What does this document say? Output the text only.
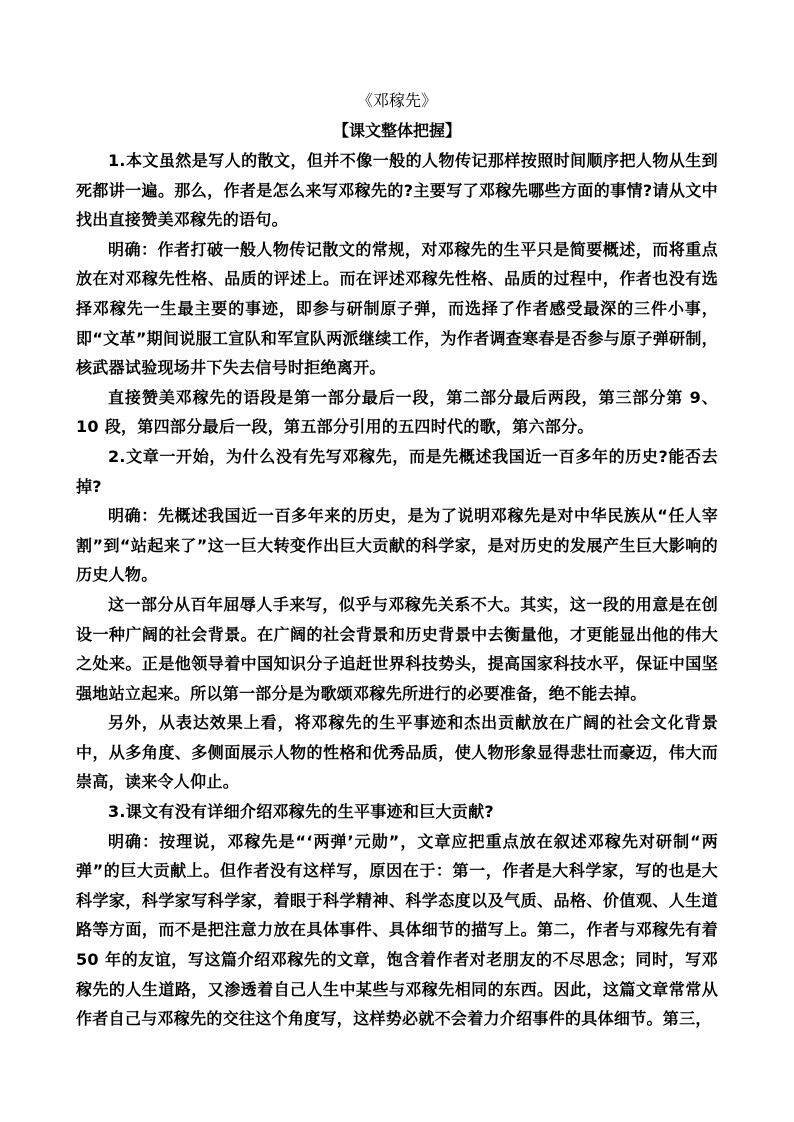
《邓稼先》
【课文整体把握】

1.本文虽然是写人的散文，但并不像一般的人物传记那样按照时间顺序把人物从生到死都讲一遍。那么，作者是怎么来写邓稼先的?主要写了邓稼先哪些方面的事情?请从文中找出直接赞美邓稼先的语句。

明确：作者打破一般人物传记散文的常规，对邓稼先的生平只是简要概述，而将重点放在对邓稼先性格、品质的评述上。而在评述邓稼先性格、品质的过程中，作者也没有选择邓稼先一生最主要的事迹，即参与研制原子弹，而选择了作者感受最深的三件小事，即“文革”期间说服工宣队和军宣队两派继续工作，为作者调查寒春是否参与原子弹研制，核武器试验现场井下失去信号时拒绝离开。

直接赞美邓稼先的语段是第一部分最后一段，第二部分最后两段，第三部分第 9、10 段，第四部分最后一段，第五部分引用的五四时代的歌，第六部分。

2.文章一开始，为什么没有先写邓稼先，而是先概述我国近一百多年的历史?能否去掉?

明确：先概述我国近一百多年来的历史，是为了说明邓稼先是对中华民族从“任人宰割”到“站起来了”这一巨大转变作出巨大贡献的科学家，是对历史的发展产生巨大影响的历史人物。

这一部分从百年屈辱人手来写，似乎与邓稼先关系不大。其实，这一段的用意是在创设一种广阔的社会背景。在广阔的社会背景和历史背景中去衡量他，才更能显出他的伟大之处来。正是他领导着中国知识分子追赶世界科技势头，提高国家科技水平，保证中国坚强地站立起来。所以第一部分是为歌颂邓稼先所进行的必要准备，绝不能去掉。

另外，从表达效果上看，将邓稼先的生平事迹和杰出贡献放在广阔的社会文化背景中，从多角度、多侧面展示人物的性格和优秀品质，使人物形象显得悲壮而豪迈，伟大而崇高，读来令人仰止。

3.课文有没有详细介绍邓稼先的生平事迹和巨大贡献?

明确：按理说，邓稼先是“‘两弹’元勋”，文章应把重点放在叙述邓稼先对研制“两弹”的巨大贡献上。但作者没有这样写，原因在于：第一，作者是大科学家，写的也是大科学家，科学家写科学家，着眼于科学精神、科学态度以及气质、品格、价值观、人生道路等方面，而不是把注意力放在具体事件、具体细节的描写上。第二，作者与邓稼先有着 50 年的友谊，写这篇介绍邓稼先的文章，饱含着作者对老朋友的不尽思念；同时，写邓稼先的人生道路，又渗透着自己人生中某些与邓稼先相同的东西。因此，这篇文章常常从作者自己与邓稼先的交往这个角度写，这样势必就不会着力介绍事件的具体细节。第三，
